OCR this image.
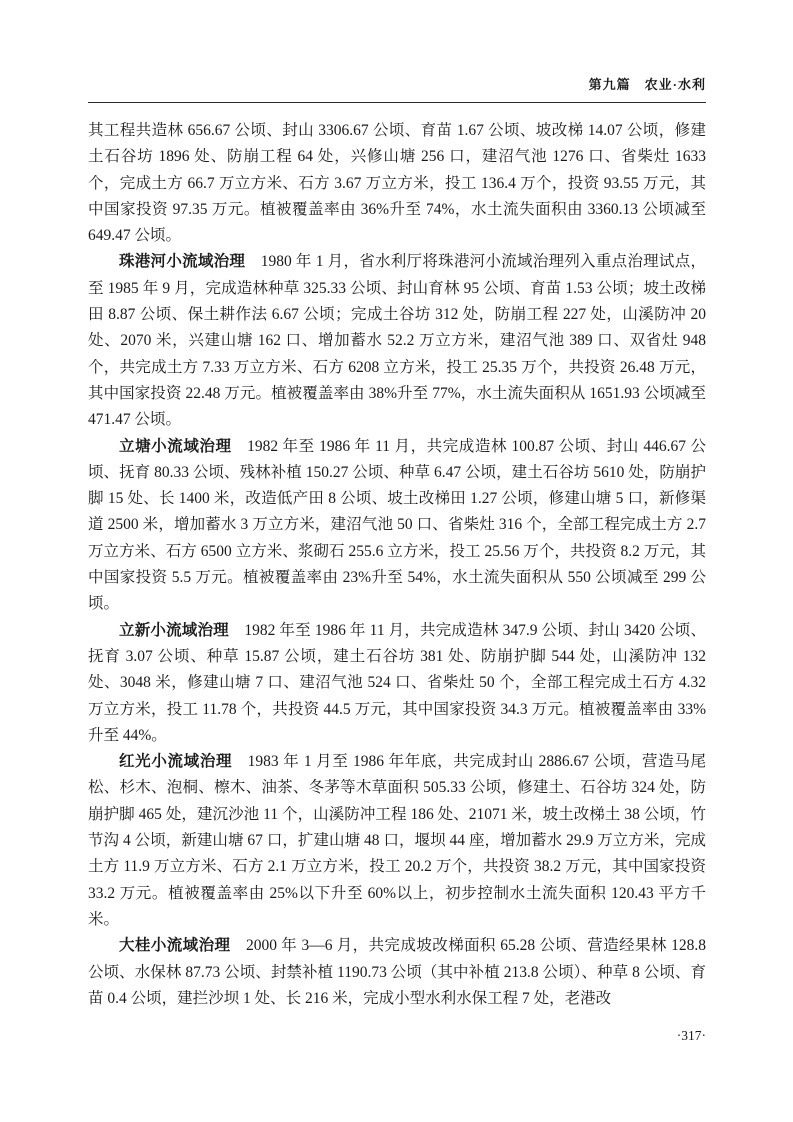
第九篇　农业·水利

其工程共造林 656.67 公顷、封山 3306.67 公顷、育苗 1.67 公顷、坡改梯 14.07 公顷，修建土石谷坊 1896 处、防崩工程 64 处，兴修山塘 256 口，建沼气池 1276 口、省柴灶 1633 个，完成土方 66.7 万立方米、石方 3.67 万立方米，投工 136.4 万个，投资 93.55 万元，其中国家投资 97.35 万元。植被覆盖率由 36%升至 74%，水土流失面积由 3360.13 公顷减至 649.47 公顷。

珠港河小流域治理 1980 年 1 月，省水利厅将珠港河小流域治理列入重点治理试点，至 1985 年 9 月，完成造林种草 325.33 公顷、封山育林 95 公顷、育苗 1.53 公顷；坡土改梯田 8.87 公顷、保土耕作法 6.67 公顷；完成土谷坊 312 处，防崩工程 227 处，山溪防冲 20 处、2070 米，兴建山塘 162 口、增加蓄水 52.2 万立方米，建沼气池 389 口、双省灶 948 个，共完成土方 7.33 万立方米、石方 6208 立方米，投工 25.35 万个，共投资 26.48 万元，其中国家投资 22.48 万元。植被覆盖率由 38%升至 77%，水土流失面积从 1651.93 公顷减至 471.47 公顷。

立塘小流域治理 1982 年至 1986 年 11 月，共完成造林 100.87 公顷、封山 446.67 公顷、抚育 80.33 公顷、残林补植 150.27 公顷、种草 6.47 公顷，建土石谷坊 5610 处，防崩护脚 15 处、长 1400 米，改造低产田 8 公顷、坡土改梯田 1.27 公顷，修建山塘 5 口，新修渠道 2500 米，增加蓄水 3 万立方米，建沼气池 50 口、省柴灶 316 个，全部工程完成土方 2.7 万立方米、石方 6500 立方米、浆砌石 255.6 立方米，投工 25.56 万个，共投资 8.2 万元，其中国家投资 5.5 万元。植被覆盖率由 23%升至 54%，水土流失面积从 550 公顷减至 299 公顷。

立新小流域治理 1982 年至 1986 年 11 月，共完成造林 347.9 公顷、封山 3420 公顷、抚育 3.07 公顷、种草 15.87 公顷，建土石谷坊 381 处、防崩护脚 544 处，山溪防冲 132 处、3048 米，修建山塘 7 口、建沼气池 524 口、省柴灶 50 个，全部工程完成土石方 4.32 万立方米，投工 11.78 个，共投资 44.5 万元，其中国家投资 34.3 万元。植被覆盖率由 33%升至 44%。

红光小流域治理 1983 年 1 月至 1986 年年底，共完成封山 2886.67 公顷，营造马尾松、杉木、泡桐、檫木、油茶、冬茅等木草面积 505.33 公顷，修建土、石谷坊 324 处，防崩护脚 465 处，建沉沙池 11 个，山溪防冲工程 186 处、21071 米，坡土改梯土 38 公顷，竹节沟 4 公顷，新建山塘 67 口，扩建山塘 48 口，堰坝 44 座，增加蓄水 29.9 万立方米，完成土方 11.9 万立方米、石方 2.1 万立方米，投工 20.2 万个，共投资 38.2 万元，其中国家投资 33.2 万元。植被覆盖率由 25%以下升至 60%以上，初步控制水土流失面积 120.43 平方千米。

大桂小流域治理 2000 年 3—6 月，共完成坡改梯面积 65.28 公顷、营造经果林 128.8 公顷、水保林 87.73 公顷、封禁补植 1190.73 公顷（其中补植 213.8 公顷）、种草 8 公顷、育苗 0.4 公顷，建拦沙坝 1 处、长 216 米，完成小型水利水保工程 7 处，老港改

·317·
